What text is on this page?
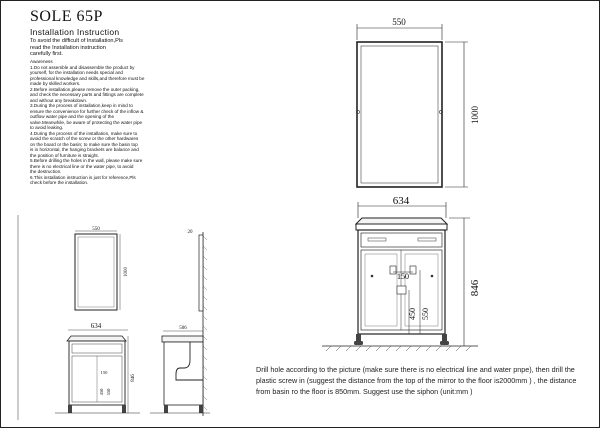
SOLE 65P
Installation Instruction
To avoid the difficult of Installation,Pls
read the Installation instruction
carefully first.
Awareness
1.Do not assemble and disassemble the product by
yourself, for the installation needs special and
professional knowledge and skills,and therefore must be
made by skilled workers.
2.Before installation,please remove the outer packing,
and check the necessary parts and fittings are complete
and without any breakdown.
3.During the process of installation,keep in mind to
ensure the convenience for further check of the inflow &
outflow water pipe and the opening of the
valve.Meanwhile, be aware of protecting the water pipe
to avoid leaking.
4.During the process of the installation, make sure to
avoid the scratch of the screw or the other hardwares
on the board or the basin; to make sure the basin top
is in horizontal, the hanging brackets are balance and
the position of furniture is straight.
5.Before drilling the holes in the wall, please make sure
there is no electrical line or the water pipe, to avoid
the destruction.
6.This installation instruction is just for reference,Pls
check before the installation.
550
1000
634
150
450 550
846
550
1000
634
150
450 550
846
20
506
Drill hole according to the picture (make sure there is no electrical line and water pnpe), then drill the plastic screw in (suggest the distance from the top of the mirror to the floor is2000mm ) , the distance from basin ro the floor is 850mm. Suggest use the siphon (unit:mm )
